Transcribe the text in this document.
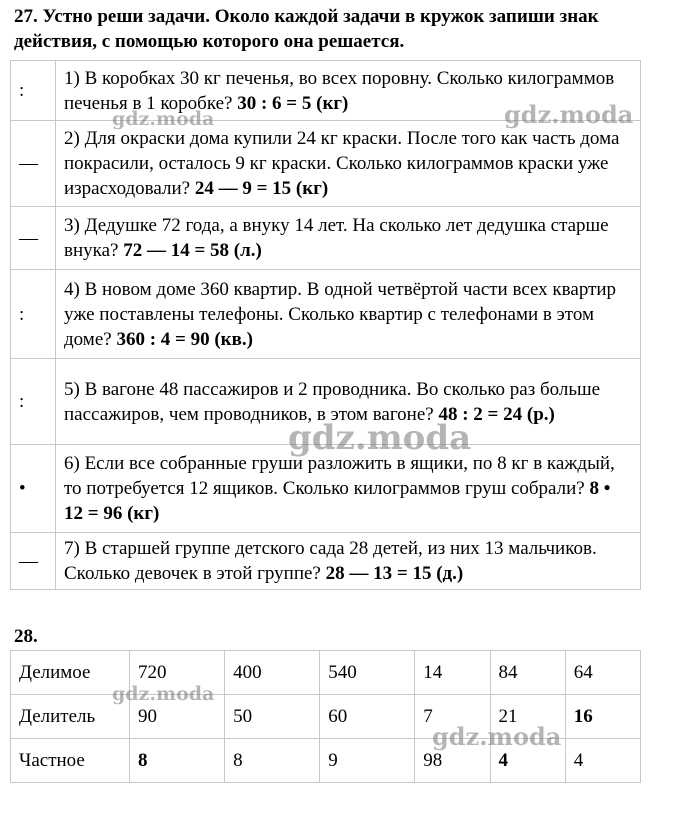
27. Устно реши задачи. Около каждой задачи в кружок запиши знак
действия, с помощью которого она решается.
:	1) В коробках 30 кг печенья, во всех поровну. Сколько килограммов печенья в 1 коробке? 30 : 6 = 5 (кг)
—	2) Для окраски дома купили 24 кг краски. После того как часть дома покрасили, осталось 9 кг краски. Сколько килограммов краски уже израсходовали? 24 — 9 = 15 (кг)
—	3) Дедушке 72 года, а внуку 14 лет. На сколько лет дедушка старше внука? 72 — 14 = 58 (л.)
:	4) В новом доме 360 квартир. В одной четвёртой части всех квартир уже поставлены телефоны. Сколько квартир с телефонами в этом доме? 360 : 4 = 90 (кв.)
:	5) В вагоне 48 пассажиров и 2 проводника. Во сколько раз больше пассажиров, чем проводников, в этом вагоне? 48 : 2 = 24 (р.)
•	6) Если все собранные груши разложить в ящики, по 8 кг в каждый, то потребуется 12 ящиков. Сколько килограммов груш собрали? 8 • 12 = 96 (кг)
—	7) В старшей группе детского сада 28 детей, из них 13 мальчиков. Сколько девочек в этой группе? 28 — 13 = 15 (д.)
28.
Делимое	720	400	540	14	84	64
Делитель	90	50	60	7	21	16
Частное	8	8	9	98	4	4
gdz.moda
gdz.moda
gdz.moda
gdz.moda
gdz.moda
